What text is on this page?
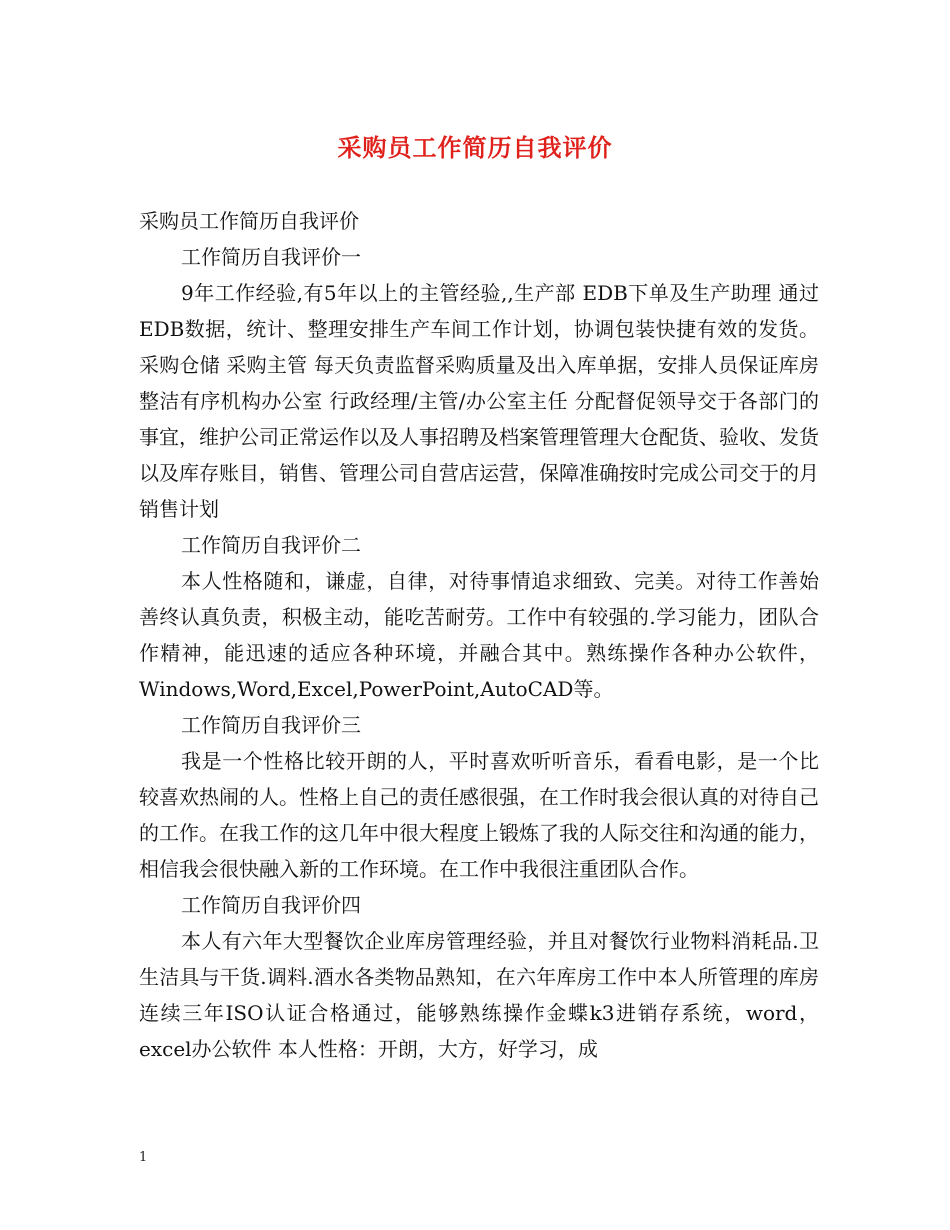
采购员工作简历自我评价

采购员工作简历自我评价

工作简历自我评价一

9年工作经验,有5年以上的主管经验,,生产部 EDB下单及生产助理 通过EDB数据，统计、整理安排生产车间工作计划，协调包装快捷有效的发货。采购仓储 采购主管 每天负责监督采购质量及出入库单据，安排人员保证库房整洁有序机构办公室 行政经理/主管/办公室主任 分配督促领导交于各部门的事宜，维护公司正常运作以及人事招聘及档案管理管理大仓配货、验收、发货以及库存账目，销售、管理公司自营店运营，保障准确按时完成公司交于的月销售计划

工作简历自我评价二

本人性格随和，谦虚，自律，对待事情追求细致、完美。对待工作善始善终认真负责，积极主动，能吃苦耐劳。工作中有较强的.学习能力，团队合作精神，能迅速的适应各种环境，并融合其中。熟练操作各种办公软件，Windows,Word,Excel,PowerPoint,AutoCAD等。

工作简历自我评价三

我是一个性格比较开朗的人，平时喜欢听听音乐，看看电影，是一个比较喜欢热闹的人。性格上自己的责任感很强，在工作时我会很认真的对待自己的工作。在我工作的这几年中很大程度上锻炼了我的人际交往和沟通的能力，相信我会很快融入新的工作环境。在工作中我很注重团队合作。

工作简历自我评价四

本人有六年大型餐饮企业库房管理经验，并且对餐饮行业物料消耗品.卫生洁具与干货.调料.酒水各类物品熟知，在六年库房工作中本人所管理的库房连续三年ISO认证合格通过，能够熟练操作金蝶k3进销存系统，word，excel办公软件 本人性格：开朗，大方，好学习，成

1
